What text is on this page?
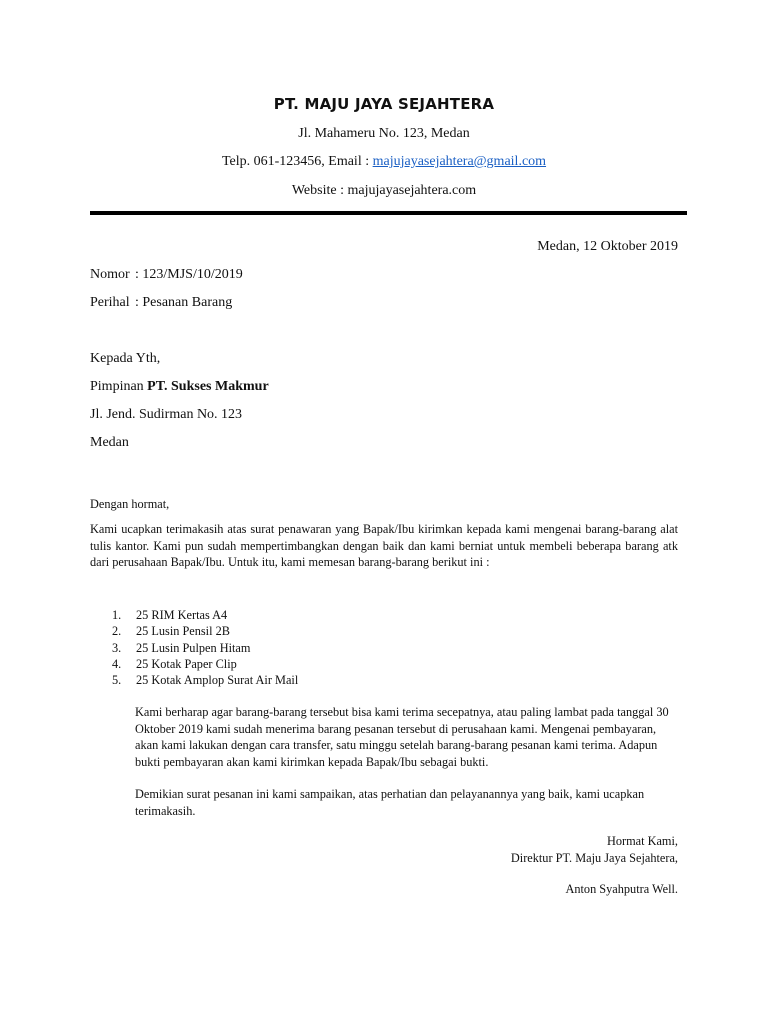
PT. MAJU JAYA SEJAHTERA
Jl. Mahameru No. 123, Medan
Telp. 061-123456, Email : majujayasejahtera@gmail.com
Website : majujayasejahtera.com
Medan, 12 Oktober 2019
Nomor : 123/MJS/10/2019
Perihal : Pesanan Barang
Kepada Yth,
Pimpinan PT. Sukses Makmur
Jl. Jend. Sudirman No. 123
Medan
Dengan hormat,
Kami ucapkan terimakasih atas surat penawaran yang Bapak/Ibu kirimkan kepada kami mengenai barang-barang alat tulis kantor. Kami pun sudah mempertimbangkan dengan baik dan kami berniat untuk membeli beberapa barang atk dari perusahaan Bapak/Ibu. Untuk itu, kami memesan barang-barang berikut ini :
1.	25 RIM Kertas A4
2.	25 Lusin Pensil 2B
3.	25 Lusin Pulpen Hitam
4.	25 Kotak Paper Clip
5.	25 Kotak Amplop Surat Air Mail
Kami berharap agar barang-barang tersebut bisa kami terima secepatnya, atau paling lambat pada tanggal 30 Oktober 2019 kami sudah menerima barang pesanan tersebut di perusahaan kami. Mengenai pembayaran, akan kami lakukan dengan cara transfer, satu minggu setelah barang-barang pesanan kami terima. Adapun bukti pembayaran akan kami kirimkan kepada Bapak/Ibu sebagai bukti.
Demikian surat pesanan ini kami sampaikan, atas perhatian dan pelayanannya yang baik, kami ucapkan terimakasih.
Hormat Kami,
Direktur PT. Maju Jaya Sejahtera,
Anton Syahputra Well.
